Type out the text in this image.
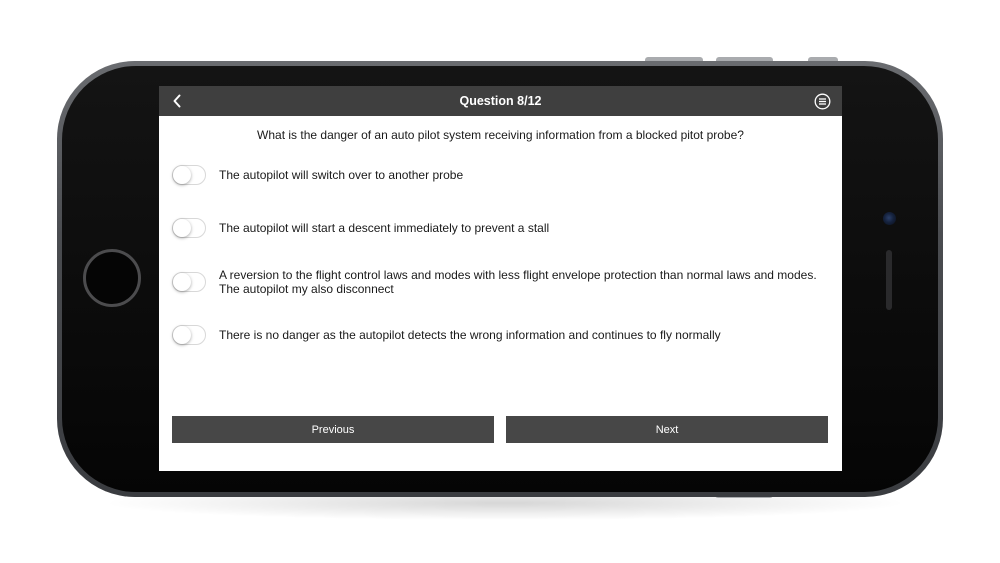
Question 8/12
What is the danger of an auto pilot system receiving information from a blocked pitot probe?
The autopilot will switch over to another probe
The autopilot will start a descent immediately to prevent a stall
A reversion to the flight control laws and modes with less flight envelope protection than normal laws and modes. The autopilot my also disconnect
There is no danger as the autopilot detects the wrong information and continues to fly normally
Previous	Next
